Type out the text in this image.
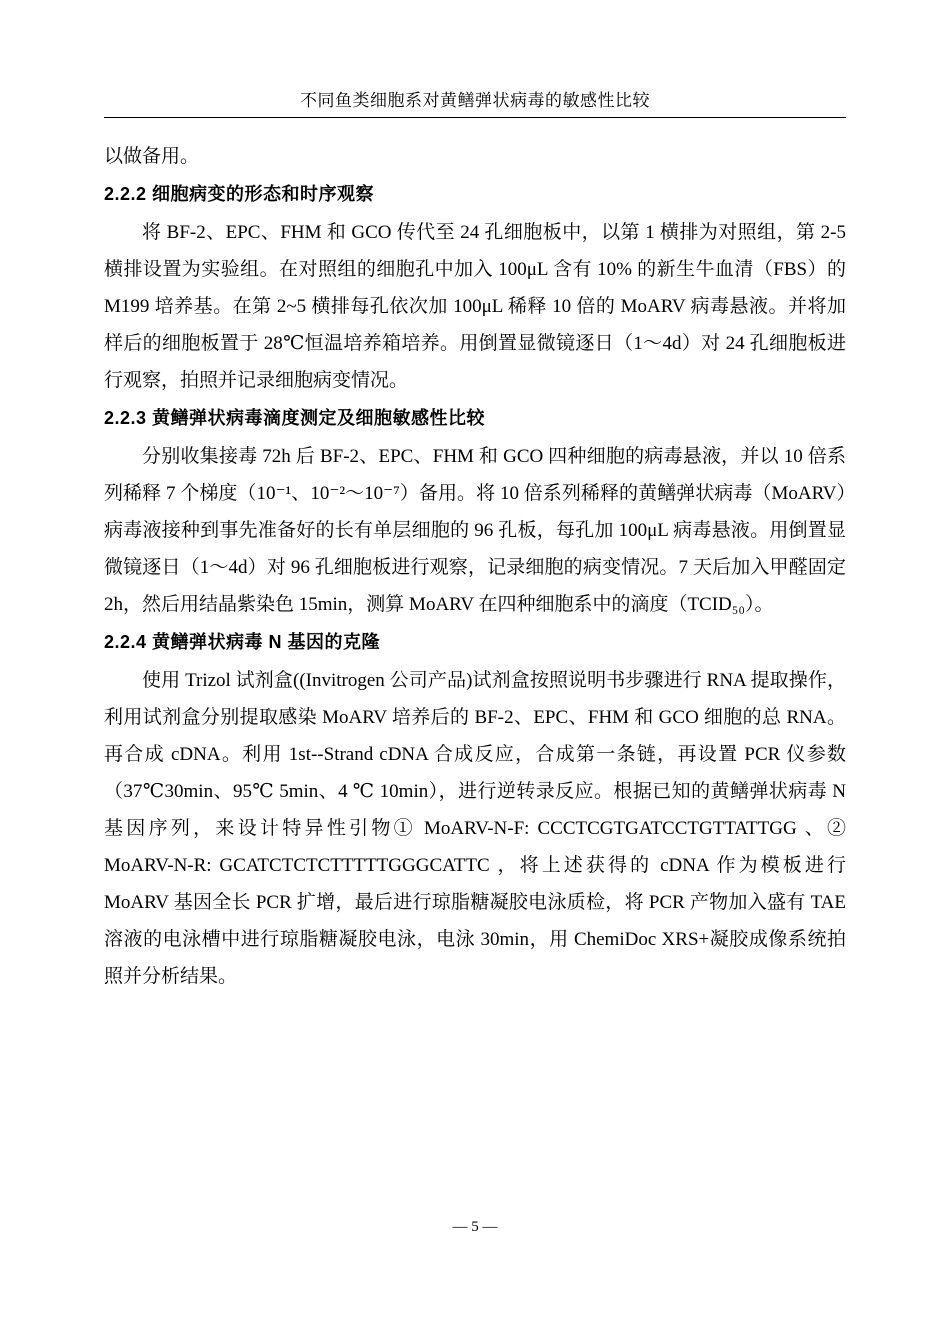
不同鱼类细胞系对黄鳝弹状病毒的敏感性比较

以做备用。

2.2.2 细胞病变的形态和时序观察

将 BF-2、EPC、FHM 和 GCO 传代至 24 孔细胞板中，以第 1 横排为对照组，第 2-5 横排设置为实验组。在对照组的细胞孔中加入 100μL 含有 10% 的新生牛血清（FBS）的 M199 培养基。在第 2~5 横排每孔依次加 100μL 稀释 10 倍的 MoARV 病毒悬液。并将加样后的细胞板置于 28℃恒温培养箱培养。用倒置显微镜逐日（1～4d）对 24 孔细胞板进行观察，拍照并记录细胞病变情况。

2.2.3 黄鳝弹状病毒滴度测定及细胞敏感性比较

分别收集接毒 72h 后 BF-2、EPC、FHM 和 GCO 四种细胞的病毒悬液，并以 10 倍系列稀释 7 个梯度（10⁻¹、10⁻²～10⁻⁷）备用。将 10 倍系列稀释的黄鳝弹状病毒（MoARV）病毒液接种到事先准备好的长有单层细胞的 96 孔板，每孔加 100μL 病毒悬液。用倒置显微镜逐日（1～4d）对 96 孔细胞板进行观察，记录细胞的病变情况。7 天后加入甲醛固定 2h，然后用结晶紫染色 15min，测算 MoARV 在四种细胞系中的滴度（TCID₅₀）。

2.2.4 黄鳝弹状病毒 N 基因的克隆

使用 Trizol 试剂盒((Invitrogen 公司产品)试剂盒按照说明书步骤进行 RNA 提取操作，利用试剂盒分别提取感染 MoARV 培养后的 BF-2、EPC、FHM 和 GCO 细胞的总 RNA。再合成 cDNA。利用 1st--Strand cDNA 合成反应，合成第一条链，再设置 PCR 仪参数（37℃30min、95℃ 5min、4 ℃ 10min），进行逆转录反应。根据已知的黄鳝弹状病毒 N 基因序列，来设计特异性引物① MoARV-N-F: CCCTCGTGATCCTGTTATTGG 、② MoARV-N-R: GCATCTCTCTTTTTGGGCATTC ，将上述获得的 cDNA 作为模板进行 MoARV 基因全长 PCR 扩增，最后进行琼脂糖凝胶电泳质检，将 PCR 产物加入盛有 TAE 溶液的电泳槽中进行琼脂糖凝胶电泳，电泳 30min，用 ChemiDoc XRS+凝胶成像系统拍照并分析结果。

— 5 —
